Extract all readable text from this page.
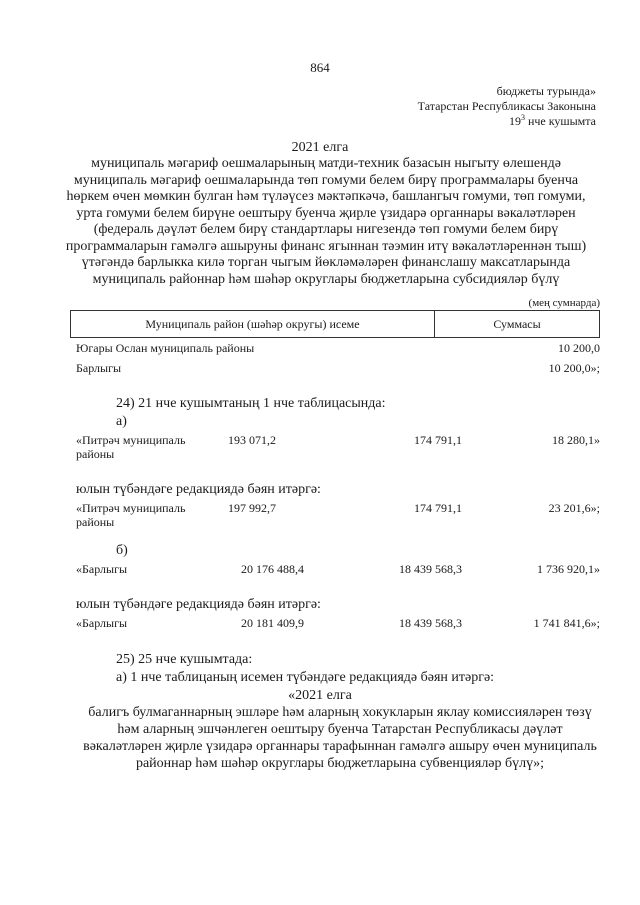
864
бюджеты турында»
Татарстан Республикасы Законына
$19^3$ нче кушымта
2021 елга
муниципаль мәгариф оешмаларының матди-техник базасын ныгыту өлешендә муниципаль мәгариф оешмаларында төп гомуми белем бирү программалары буенча һөркем өчен мөмкин булган һәм түләүсез мәктәпкәчә, башлангыч гомуми, төп гомуми, урта гомуми белем бирүне оештыру буенча җирле үзидарә органнары вәкаләтләрен (федераль дәүләт белем бирү стандартлары нигезендә төп гомуми белем бирү программаларын гамәлгә ашыруны финанс ягыннан тәэмин итү вәкаләтләреннән тыш) үтәгәндә барлыкка килә торган чыгым йөкләмәләрен финанслашу максатларында муниципаль районнар һәм шәһәр округлары бюджетларына субсидияләр бүлү
(мең сумнарда)
Муниципаль район (шәһәр округы) исеме	Суммасы
Югары Ослан муниципаль районы	10 200,0
Барлыгы	10 200,0»;
24) 21 нче кушымтаның 1 нче таблицасында:
а)
«Питрәч муниципаль
районы
193 071,2	174 791,1	18 280,1»
юлын түбәндәге редакциядә бәян итәргә:
«Питрәч муниципаль
районы
197 992,7	174 791,1	23 201,6»;
б)
«Барлыгы	20 176 488,4	18 439 568,3	1 736 920,1»
юлын түбәндәге редакциядә бәян итәргә:
«Барлыгы	20 181 409,9	18 439 568,3	1 741 841,6»;
25) 25 нче кушымтада:
а) 1 нче таблицаның исемен түбәндәге редакциядә бәян итәргә:
«2021 елга
балигъ булмаганнарның эшләре һәм аларның хокукларын яклау комиссияләрен төзү һәм аларның эшчәнлеген оештыру буенча Татарстан Республикасы дәүләт вәкаләтләрен җирле үзидарә органнары тарафыннан гамәлгә ашыру өчен муниципаль районнар һәм шәһәр округлары бюджетларына субвенцияләр бүлү»;
